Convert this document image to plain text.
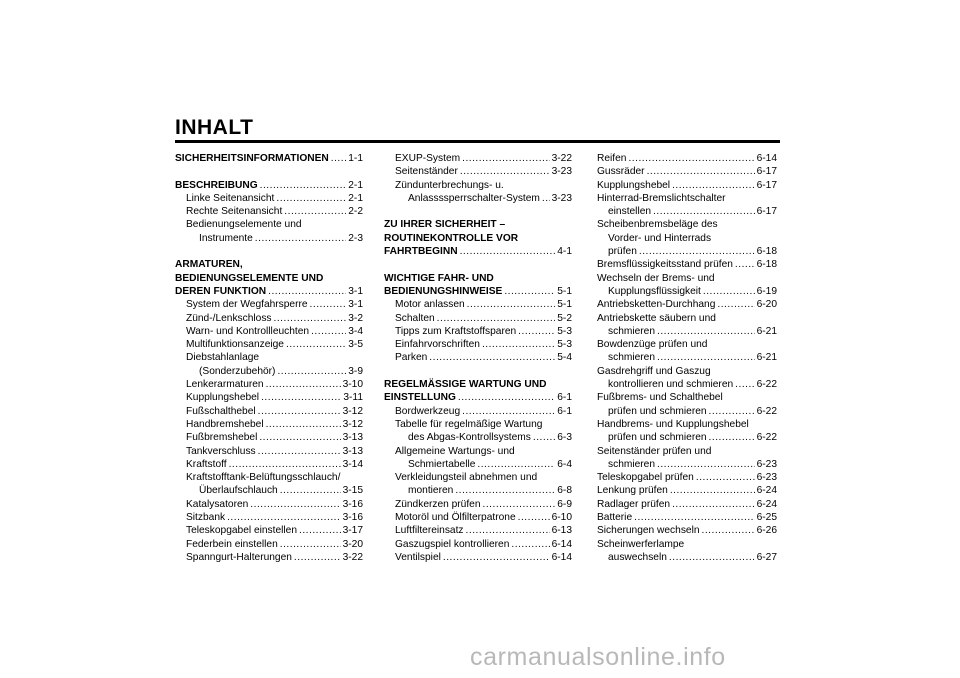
INHALT
SICHERHEITSINFORMATIONEN ..... 1-1
BESCHREIBUNG .....	2-1
Linke Seitenansicht .....	2-1
Rechte Seitenansicht .....	2-2
Bedienungselemente und
Instrumente .....	2-3
ARMATUREN,
BEDIENUNGSELEMENTE UND
DEREN FUNKTION .....	3-1
System der Wegfahrsperre .....	3-1
Zünd-/Lenkschloss .....	3-2
Warn- und Kontrollleuchten .....	3-4
Multifunktionsanzeige .....	3-5
Diebstahlanlage
(Sonderzubehör) .....	3-9
Lenkerarmaturen .....	3-10
Kupplungshebel .....	3-11
Fußschalthebel .....	3-12
Handbremshebel .....	3-12
Fußbremshebel .....	3-13
Tankverschluss .....	3-13
Kraftstoff .....	3-14
Kraftstofftank-Belüftungsschlauch/
Überlaufschlauch .....	3-15
Katalysatoren .....	3-16
Sitzbank .....	3-16
Teleskopgabel einstellen .....	3-17
Federbein einstellen .....	3-20
Spanngurt-Halterungen .....	3-22
EXUP-System .....	3-22
Seitenständer .....	3-23
Zündunterbrechungs- u.
Anlassssperrschalter-System ..... 3-23
ZU IHRER SICHERHEIT –
ROUTINEKONTROLLE VOR
FAHRTBEGINN .....	4-1
WICHTIGE FAHR- UND
BEDIENUNGSHINWEISE .....	5-1
Motor anlassen .....	5-1
Schalten .....	5-2
Tipps zum Kraftstoffsparen .....	5-3
Einfahrvorschriften .....	5-3
Parken .....	5-4
REGELMÄSSIGE WARTUNG UND
EINSTELLUNG .....	6-1
Bordwerkzeug .....	6-1
Tabelle für regelmäßige Wartung
des Abgas-Kontrollsystems .....	6-3
Allgemeine Wartungs- und
Schmiertabelle .....	6-4
Verkleidungsteil abnehmen und
montieren .....	6-8
Zündkerzen prüfen .....	6-9
Motoröl und Ölfilterpatrone .....	6-10
Luftfiltereinsatz .....	6-13
Gaszugspiel kontrollieren .....	6-14
Ventilspiel .....	6-14
Reifen .....	6-14
Gussräder .....	6-17
Kupplungshebel .....	6-17
Hinterrad-Bremslichtschalter
einstellen .....	6-17
Scheibenbremsbeläge des
Vorder- und Hinterrads
prüfen .....	6-18
Bremsflüssigkeitsstand prüfen ..... 6-18
Wechseln der Brems- und
Kupplungsflüssigkeit .....	6-19
Antriebsketten-Durchhang .....	6-20
Antriebskette säubern und
schmieren .....	6-21
Bowdenzüge prüfen und
schmieren .....	6-21
Gasdrehgriff und Gaszug
kontrollieren und schmieren ..... 6-22
Fußbrems- und Schalthebel
prüfen und schmieren .....	6-22
Handbrems- und Kupplungshebel
prüfen und schmieren .....	6-22
Seitenständer prüfen und
schmieren .....	6-23
Teleskopgabel prüfen .....	6-23
Lenkung prüfen .....	6-24
Radlager prüfen .....	6-24
Batterie .....	6-25
Sicherungen wechseln .....	6-26
Scheinwerferlampe
auswechseln .....	6-27
carmanualsonline.info
